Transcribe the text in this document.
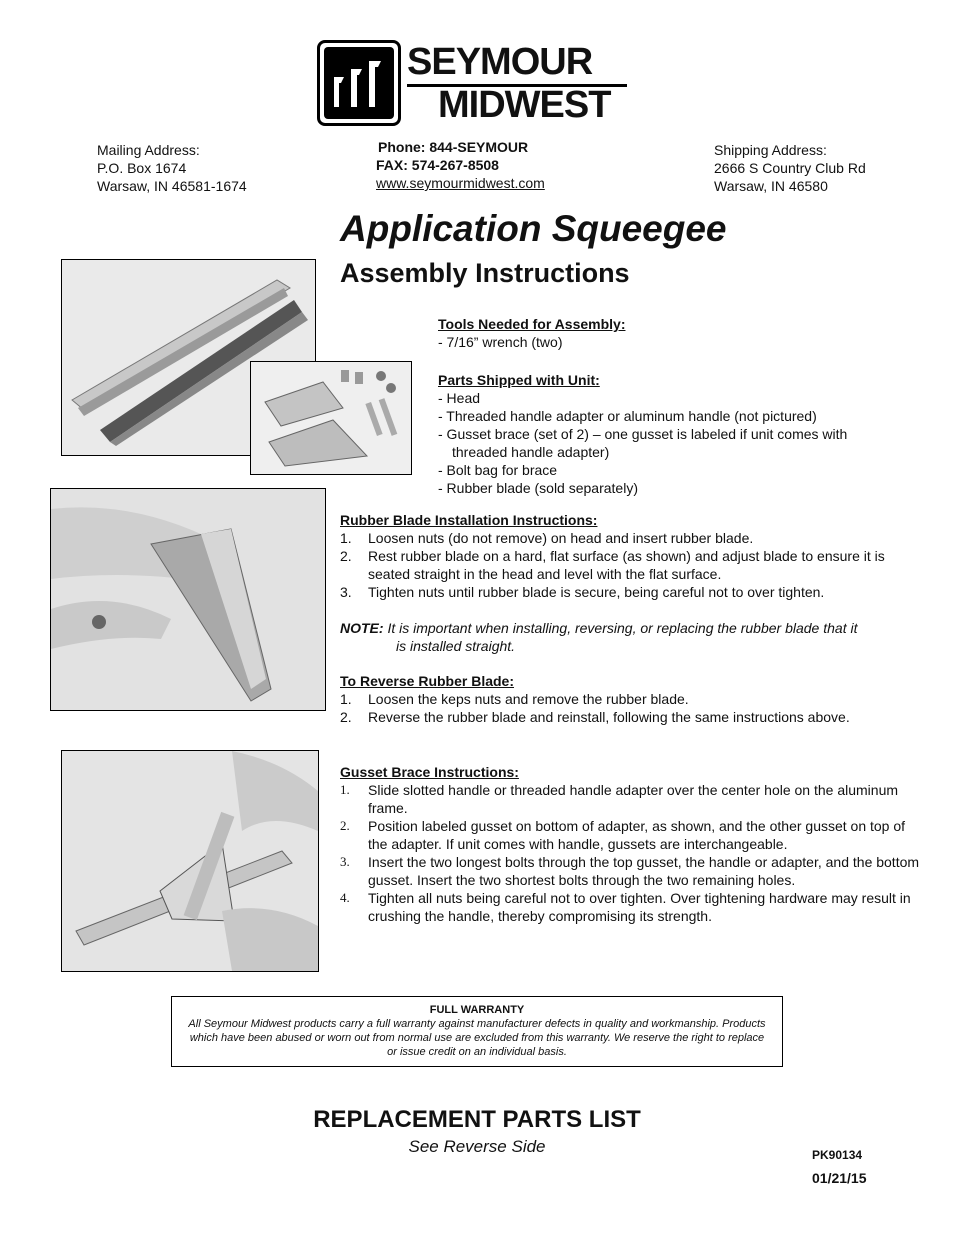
SEYMOUR
MIDWEST
Mailing Address:
P.O. Box 1674
Warsaw, IN 46581-1674
Phone: 844-SEYMOUR
FAX: 574-267-8508
www.seymourmidwest.com
Shipping Address:
2666 S Country Club Rd
Warsaw, IN 46580
Application Squeegee
Assembly Instructions
Tools Needed for Assembly:
- 7/16” wrench (two)
Parts Shipped with Unit:
- Head
- Threaded handle adapter or aluminum handle (not pictured)
- Gusset brace (set of 2) – one gusset is labeled if unit comes with
threaded handle adapter)
- Bolt bag for brace
- Rubber blade (sold separately)
Rubber Blade Installation Instructions:
1. Loosen nuts (do not remove) on head and insert rubber blade.
2. Rest rubber blade on a hard, flat surface (as shown) and adjust blade to ensure it is seated straight in the head and level with the flat surface.
3. Tighten nuts until rubber blade is secure, being careful not to over tighten.
NOTE: It is important when installing, reversing, or replacing the rubber blade that it
is installed straight.
To Reverse Rubber Blade:
1. Loosen the keps nuts and remove the rubber blade.
2. Reverse the rubber blade and reinstall, following the same instructions above.
Gusset Brace Instructions:
1. Slide slotted handle or threaded handle adapter over the center hole on the aluminum frame.
2. Position labeled gusset on bottom of adapter, as shown, and the other gusset on top of the adapter. If unit comes with handle, gussets are interchangeable.
3. Insert the two longest bolts through the top gusset, the handle or adapter, and the bottom gusset. Insert the two shortest bolts through the two remaining holes.
4. Tighten all nuts being careful not to over tighten. Over tightening hardware may result in crushing the handle, thereby compromising its strength.
FULL WARRANTY
All Seymour Midwest products carry a full warranty against manufacturer defects in quality and workmanship. Products which have been abused or worn out from normal use are excluded from this warranty. We reserve the right to replace or issue credit on an individual basis.
REPLACEMENT PARTS LIST
See Reverse Side	PK90134
01/21/15
